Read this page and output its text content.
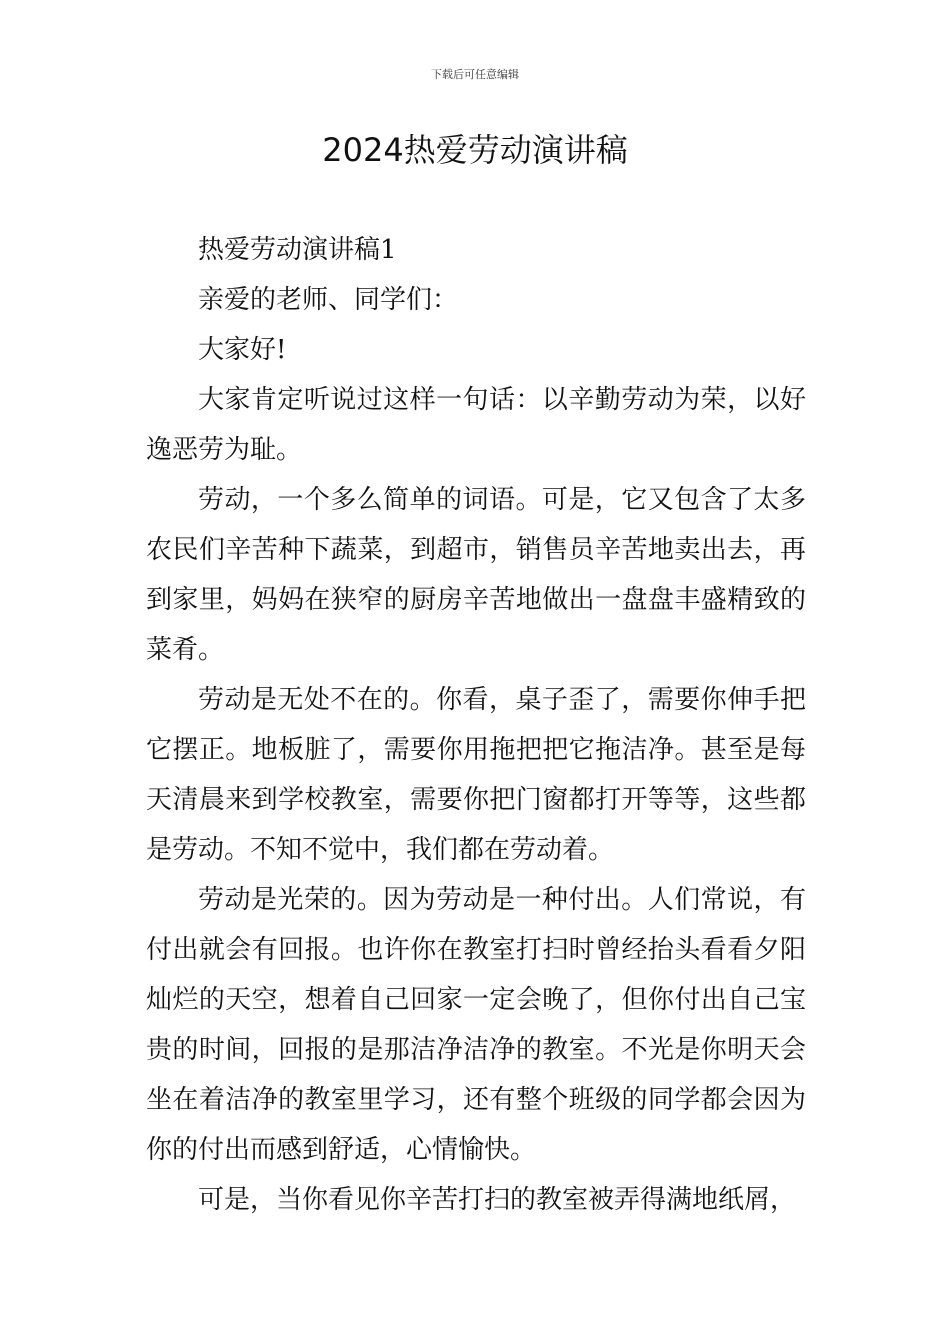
下载后可任意编辑
2024热爱劳动演讲稿

热爱劳动演讲稿1

亲爱的老师、同学们：

大家好!

大家肯定听说过这样一句话：以辛勤劳动为荣，以好逸恶劳为耻。

劳动，一个多么简单的词语。可是，它又包含了太多农民们辛苦种下蔬菜，到超市，销售员辛苦地卖出去，再到家里，妈妈在狭窄的厨房辛苦地做出一盘盘丰盛精致的菜肴。

劳动是无处不在的。你看，桌子歪了，需要你伸手把它摆正。地板脏了，需要你用拖把把它拖洁净。甚至是每天清晨来到学校教室，需要你把门窗都打开等等，这些都是劳动。不知不觉中，我们都在劳动着。

劳动是光荣的。因为劳动是一种付出。人们常说，有付出就会有回报。也许你在教室打扫时曾经抬头看看夕阳灿烂的天空，想着自己回家一定会晚了，但你付出自己宝贵的时间，回报的是那洁净洁净的教室。不光是你明天会坐在着洁净的教室里学习，还有整个班级的同学都会因为你的付出而感到舒适，心情愉快。

可是，当你看见你辛苦打扫的教室被弄得满地纸屑，
